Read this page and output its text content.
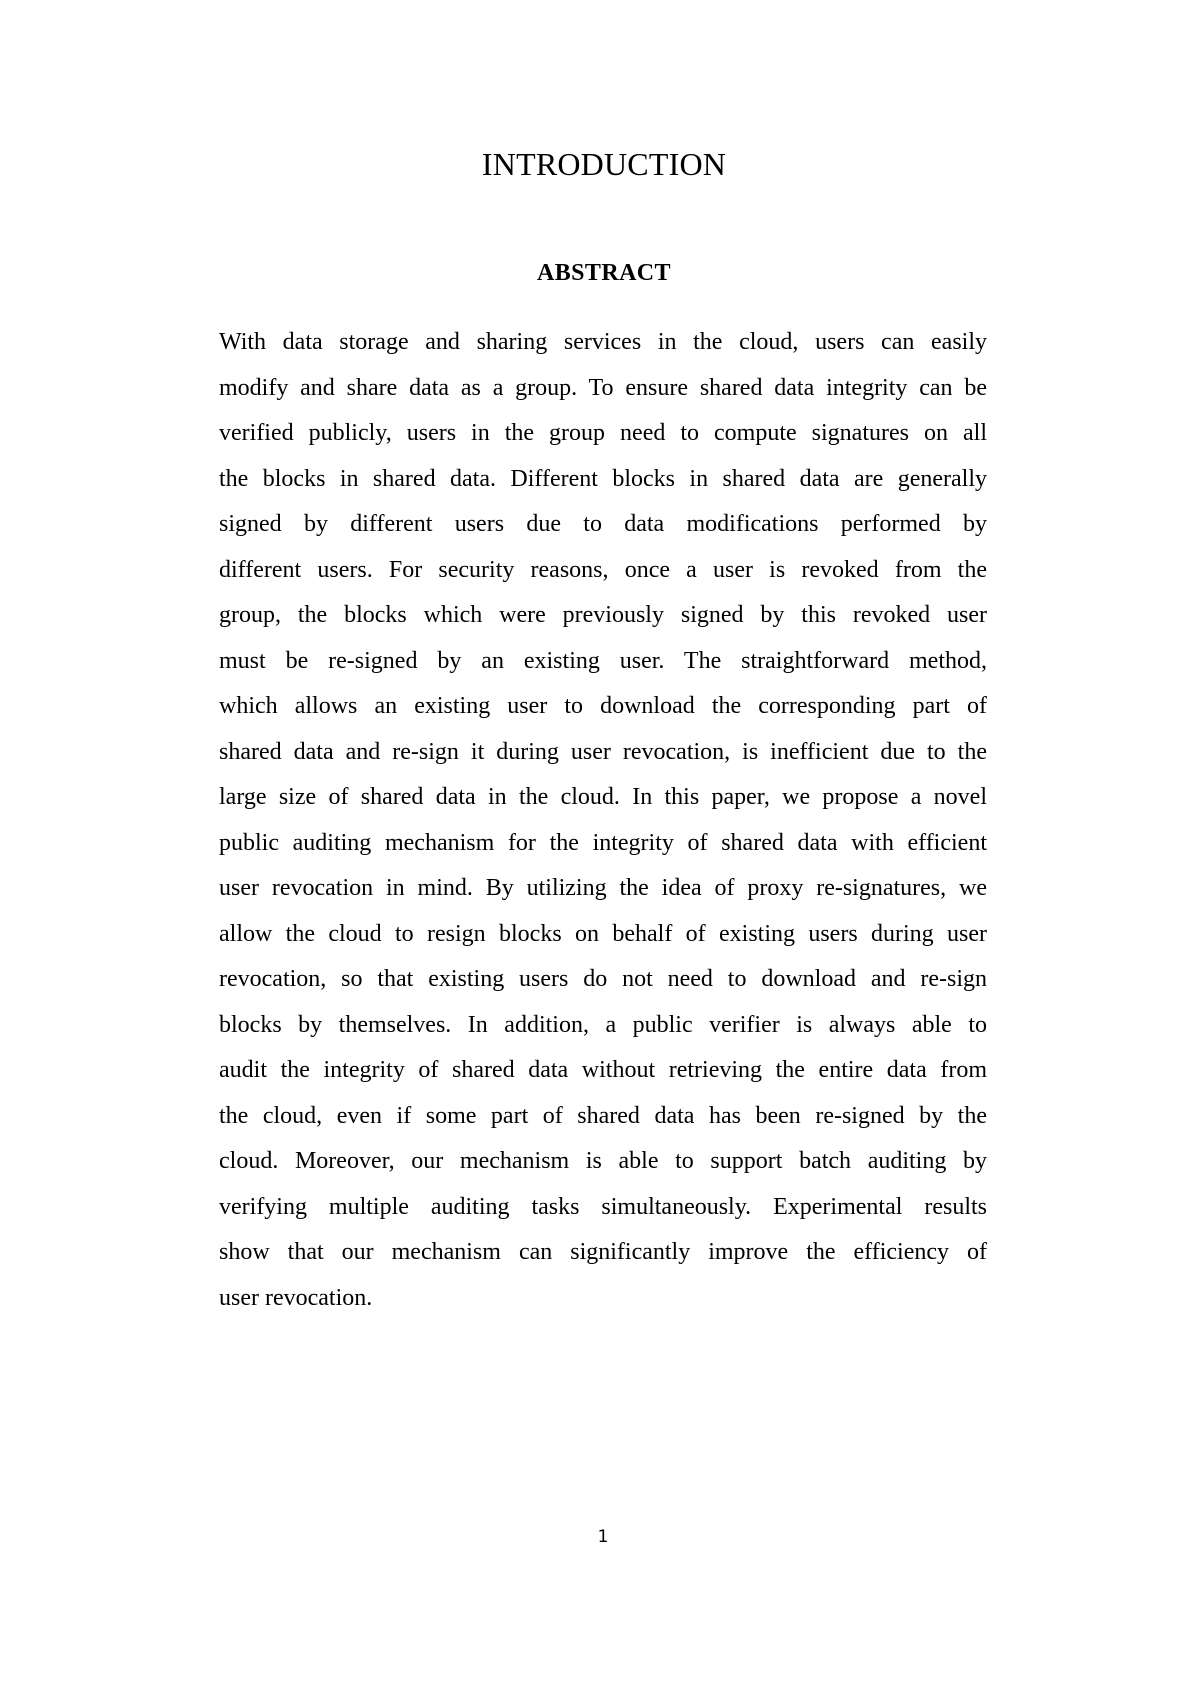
INTRODUCTION
ABSTRACT
With data storage and sharing services in the cloud, users can easily
modify and share data as a group. To ensure shared data integrity can be
verified publicly, users in the group need to compute signatures on all
the blocks in shared data. Different blocks in shared data are generally
signed by different users due to data modifications performed by
different users. For security reasons, once a user is revoked from the
group, the blocks which were previously signed by this revoked user
must be re-signed by an existing user. The straightforward method,
which allows an existing user to download the corresponding part of
shared data and re-sign it during user revocation, is inefficient due to the
large size of shared data in the cloud. In this paper, we propose a novel
public auditing mechanism for the integrity of shared data with efficient
user revocation in mind. By utilizing the idea of proxy re-signatures, we
allow the cloud to resign blocks on behalf of existing users during user
revocation, so that existing users do not need to download and re-sign
blocks by themselves. In addition, a public verifier is always able to
audit the integrity of shared data without retrieving the entire data from
the cloud, even if some part of shared data has been re-signed by the
cloud. Moreover, our mechanism is able to support batch auditing by
verifying multiple auditing tasks simultaneously. Experimental results
show that our mechanism can significantly improve the efficiency of
user revocation.
1
